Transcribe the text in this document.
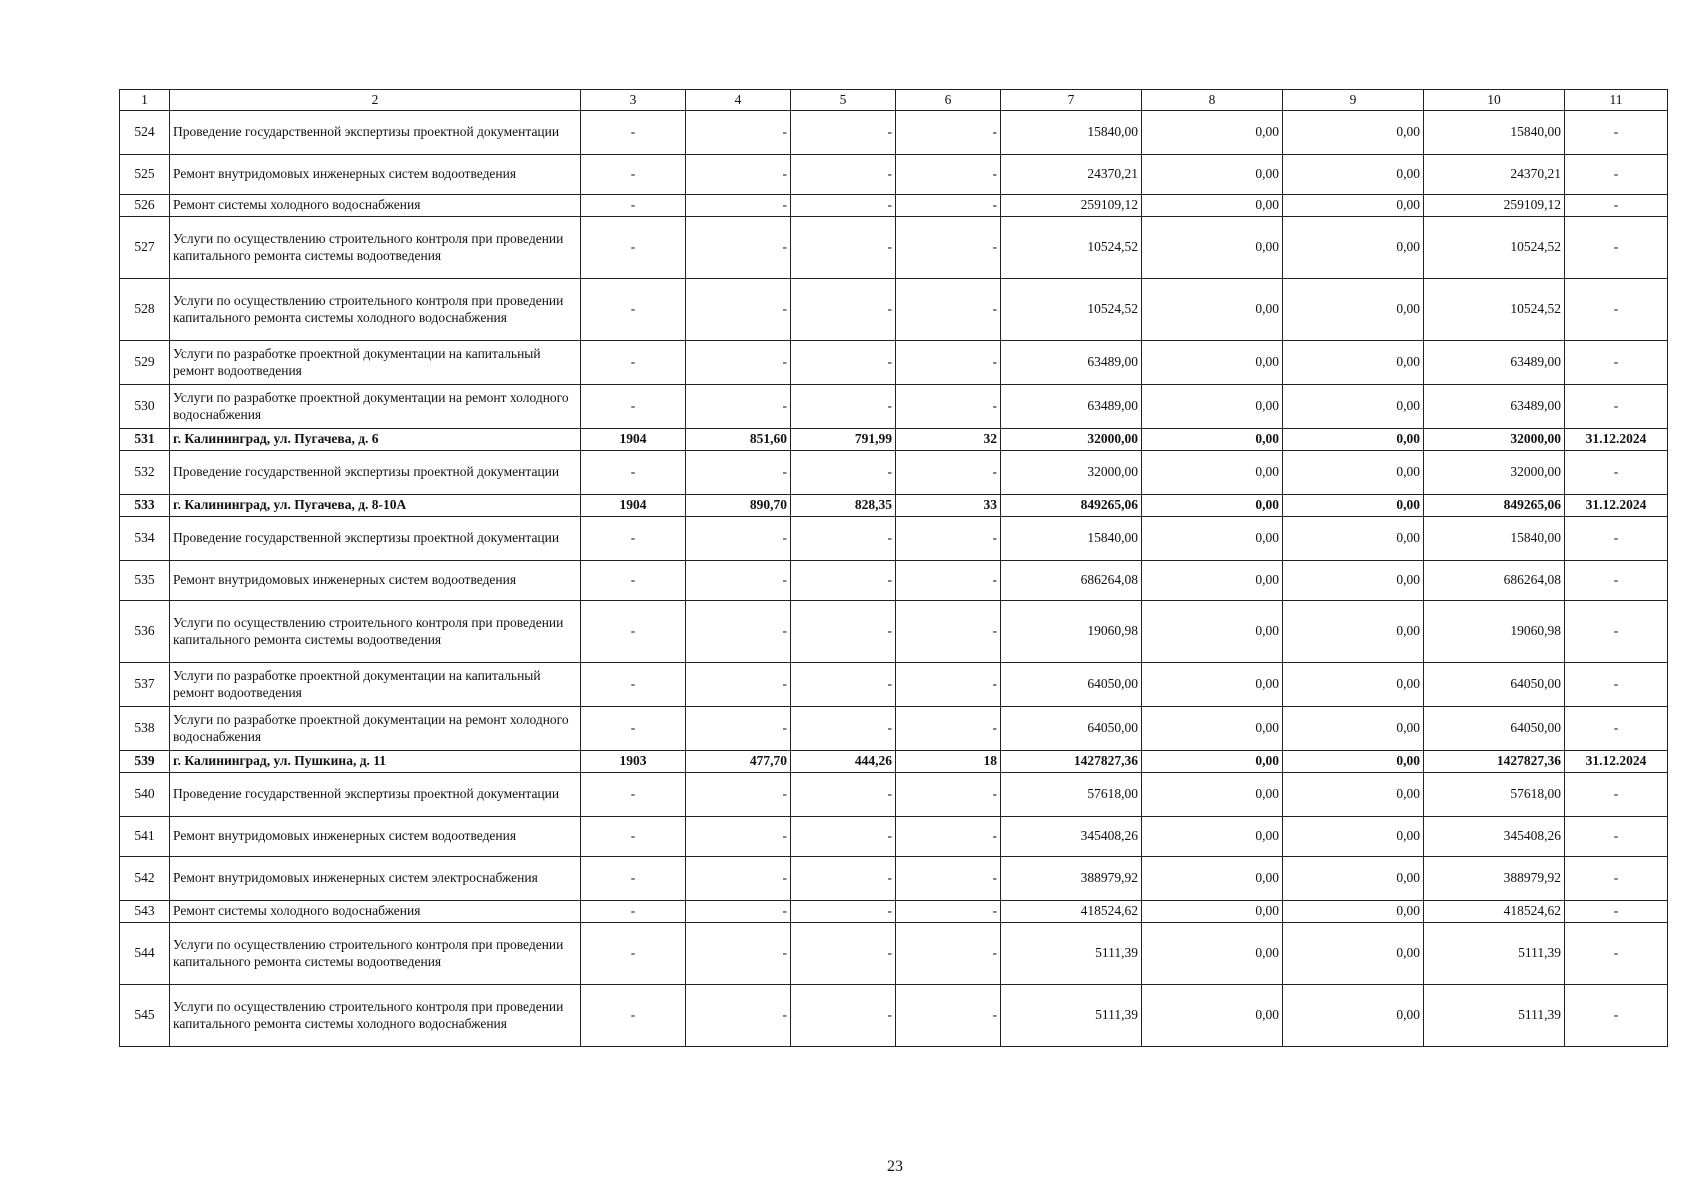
1	2	3	4	5	6	7	8	9	10	11
524	Проведение государственной экспертизы проектной документации	-	-	-	-	15840,00	0,00	0,00	15840,00	-
525	Ремонт внутридомовых инженерных систем водоотведения	-	-	-	-	24370,21	0,00	0,00	24370,21	-
526	Ремонт системы холодного водоснабжения	-	-	-	-	259109,12	0,00	0,00	259109,12	-
527	Услуги по осуществлению строительного контроля при проведении капитального ремонта системы водоотведения	-	-	-	-	10524,52	0,00	0,00	10524,52	-
528	Услуги по осуществлению строительного контроля при проведении капитального ремонта системы холодного водоснабжения	-	-	-	-	10524,52	0,00	0,00	10524,52	-
529	Услуги по разработке проектной документации на капитальный ремонт водоотведения	-	-	-	-	63489,00	0,00	0,00	63489,00	-
530	Услуги по разработке проектной документации на ремонт холодного водоснабжения	-	-	-	-	63489,00	0,00	0,00	63489,00	-
531	г. Калининград, ул. Пугачева, д. 6	1904	851,60	791,99	32	32000,00	0,00	0,00	32000,00	31.12.2024
532	Проведение государственной экспертизы проектной документации	-	-	-	-	32000,00	0,00	0,00	32000,00	-
533	г. Калининград, ул. Пугачева, д. 8-10А	1904	890,70	828,35	33	849265,06	0,00	0,00	849265,06	31.12.2024
534	Проведение государственной экспертизы проектной документации	-	-	-	-	15840,00	0,00	0,00	15840,00	-
535	Ремонт внутридомовых инженерных систем водоотведения	-	-	-	-	686264,08	0,00	0,00	686264,08	-
536	Услуги по осуществлению строительного контроля при проведении капитального ремонта системы водоотведения	-	-	-	-	19060,98	0,00	0,00	19060,98	-
537	Услуги по разработке проектной документации на капитальный ремонт водоотведения	-	-	-	-	64050,00	0,00	0,00	64050,00	-
538	Услуги по разработке проектной документации на ремонт холодного водоснабжения	-	-	-	-	64050,00	0,00	0,00	64050,00	-
539	г. Калининград, ул. Пушкина, д. 11	1903	477,70	444,26	18	1427827,36	0,00	0,00	1427827,36	31.12.2024
540	Проведение государственной экспертизы проектной документации	-	-	-	-	57618,00	0,00	0,00	57618,00	-
541	Ремонт внутридомовых инженерных систем водоотведения	-	-	-	-	345408,26	0,00	0,00	345408,26	-
542	Ремонт внутридомовых инженерных систем электроснабжения	-	-	-	-	388979,92	0,00	0,00	388979,92	-
543	Ремонт системы холодного водоснабжения	-	-	-	-	418524,62	0,00	0,00	418524,62	-
544	Услуги по осуществлению строительного контроля при проведении капитального ремонта системы водоотведения	-	-	-	-	5111,39	0,00	0,00	5111,39	-
545	Услуги по осуществлению строительного контроля при проведении капитального ремонта системы холодного водоснабжения	-	-	-	-	5111,39	0,00	0,00	5111,39	-
23
